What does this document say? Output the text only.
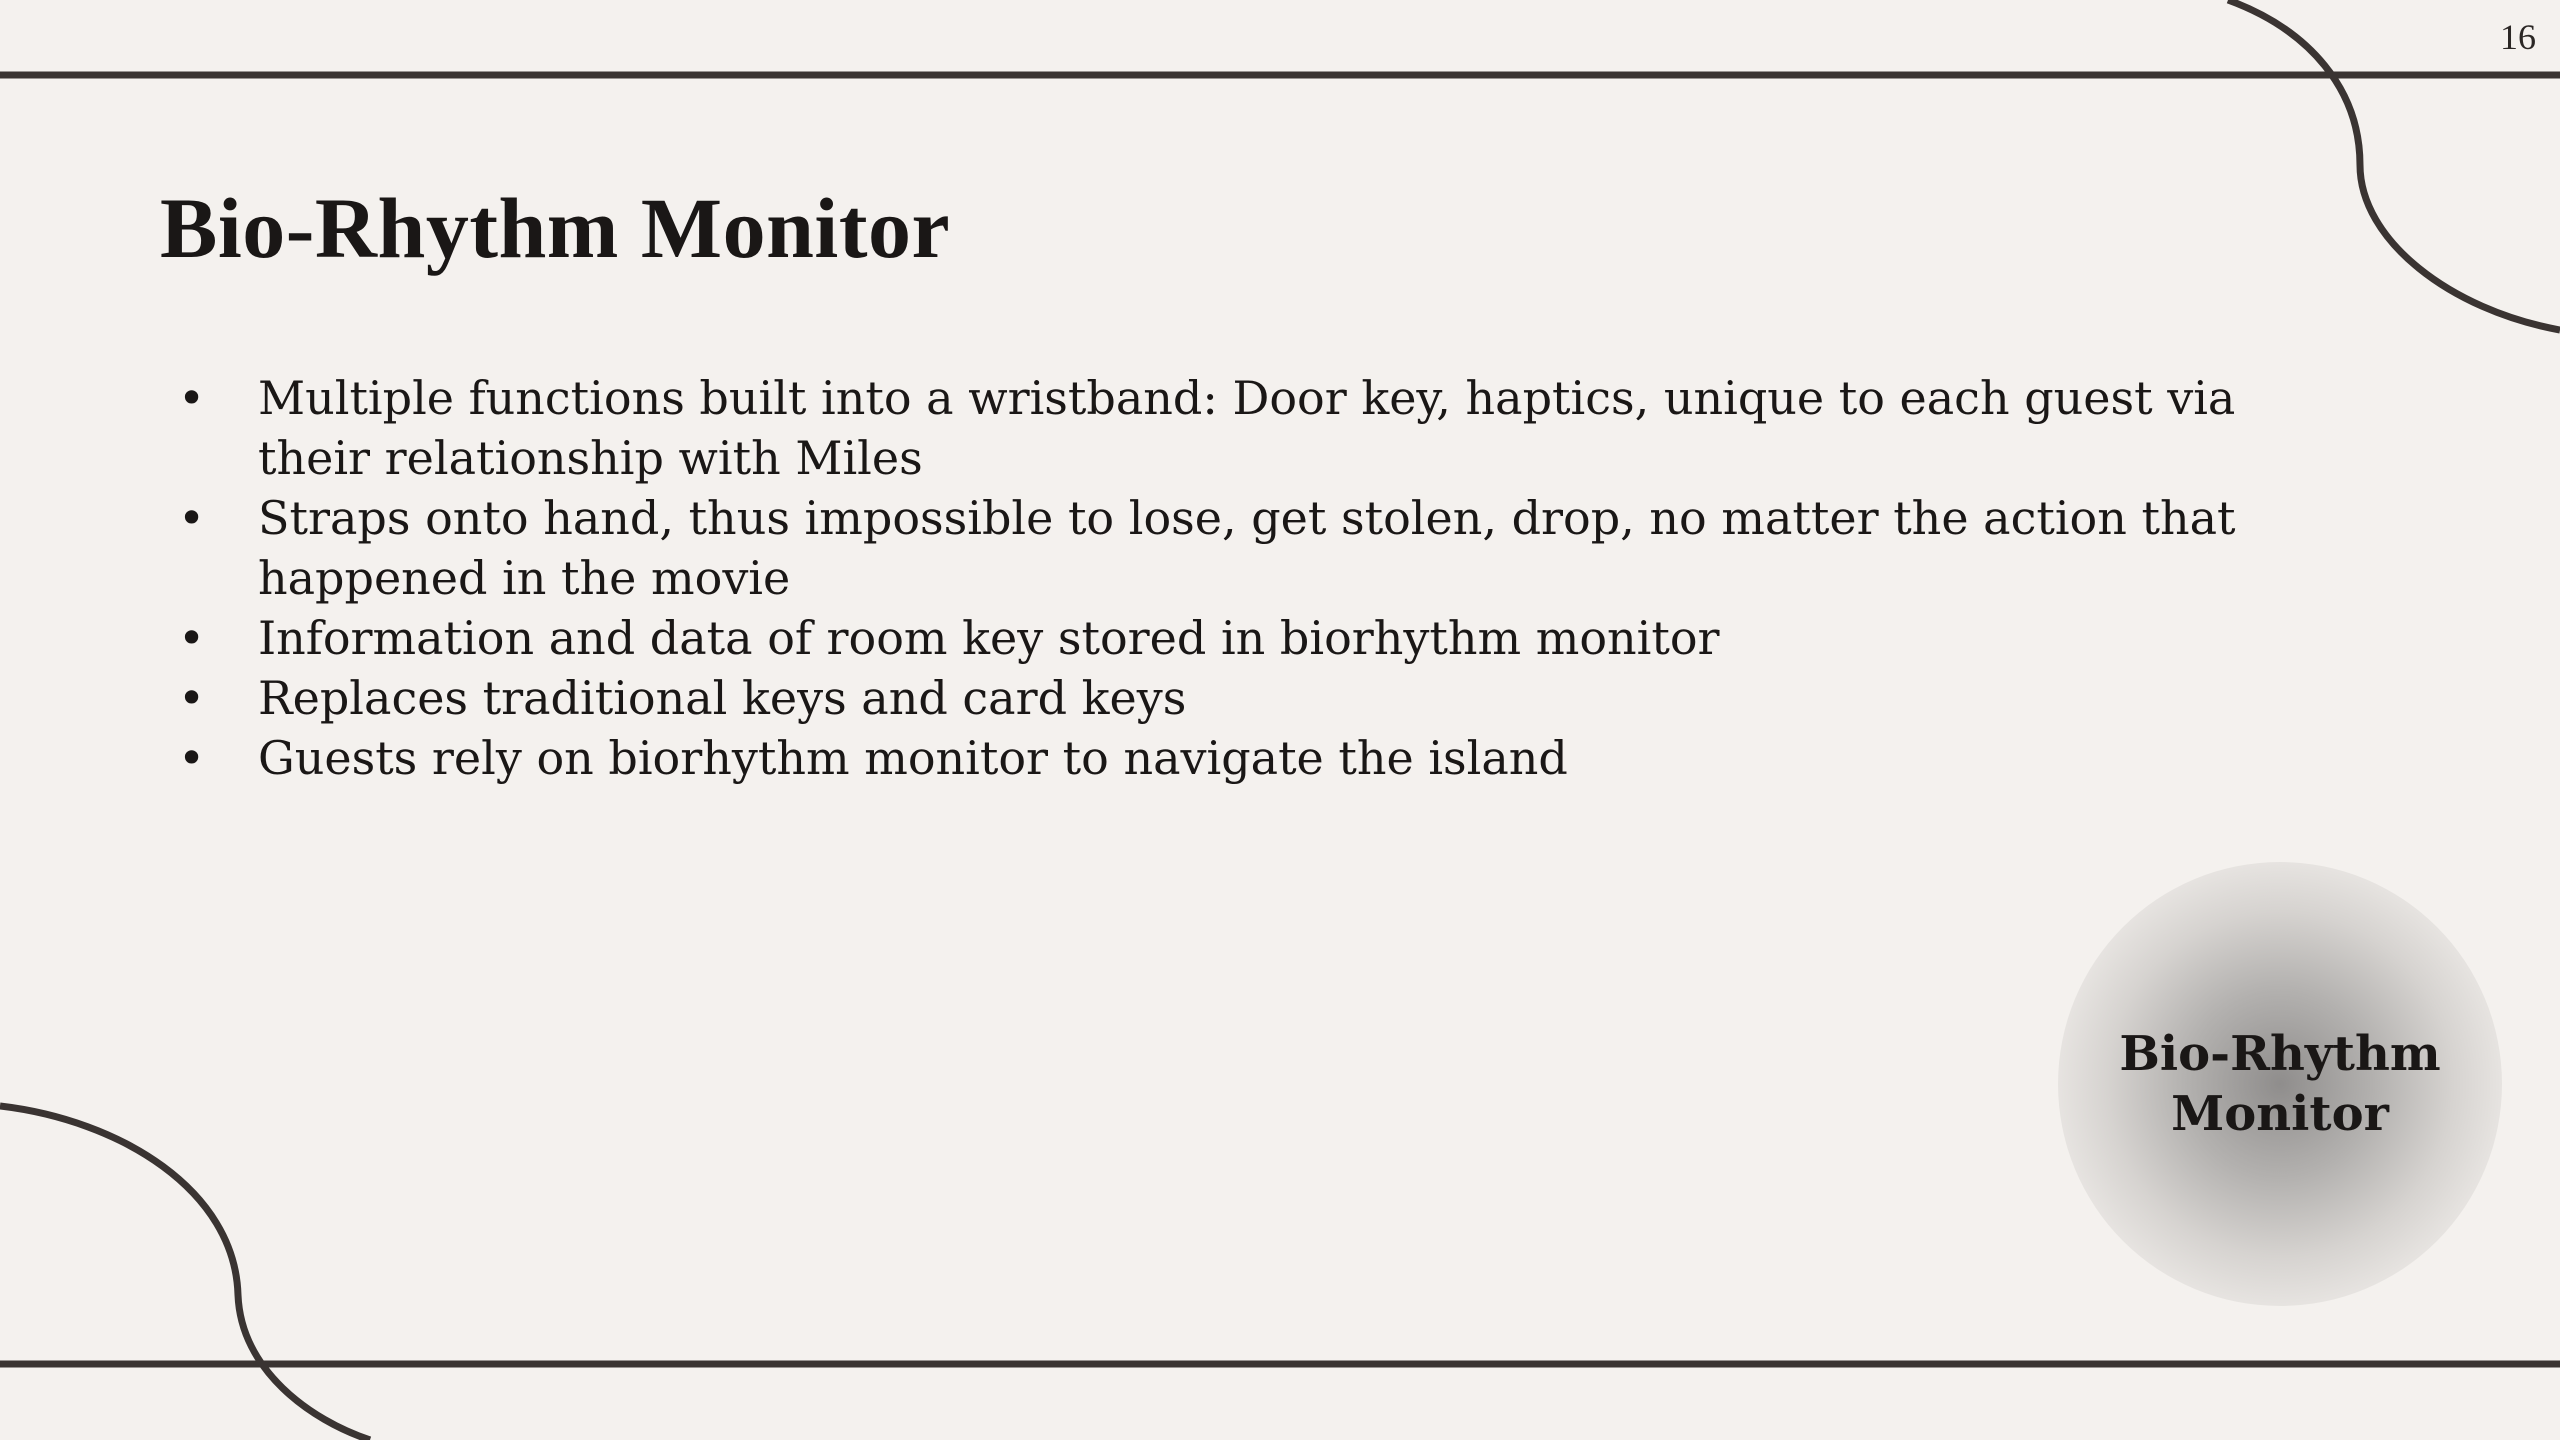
16
Bio-Rhythm Monitor
• Multiple functions built into a wristband: Door key, haptics, unique to each guest via their relationship with Miles
• Straps onto hand, thus impossible to lose, get stolen, drop, no matter the action that happened in the movie
• Information and data of room key stored in biorhythm monitor
• Replaces traditional keys and card keys
• Guests rely on biorhythm monitor to navigate the island
Bio-Rhythm Monitor
